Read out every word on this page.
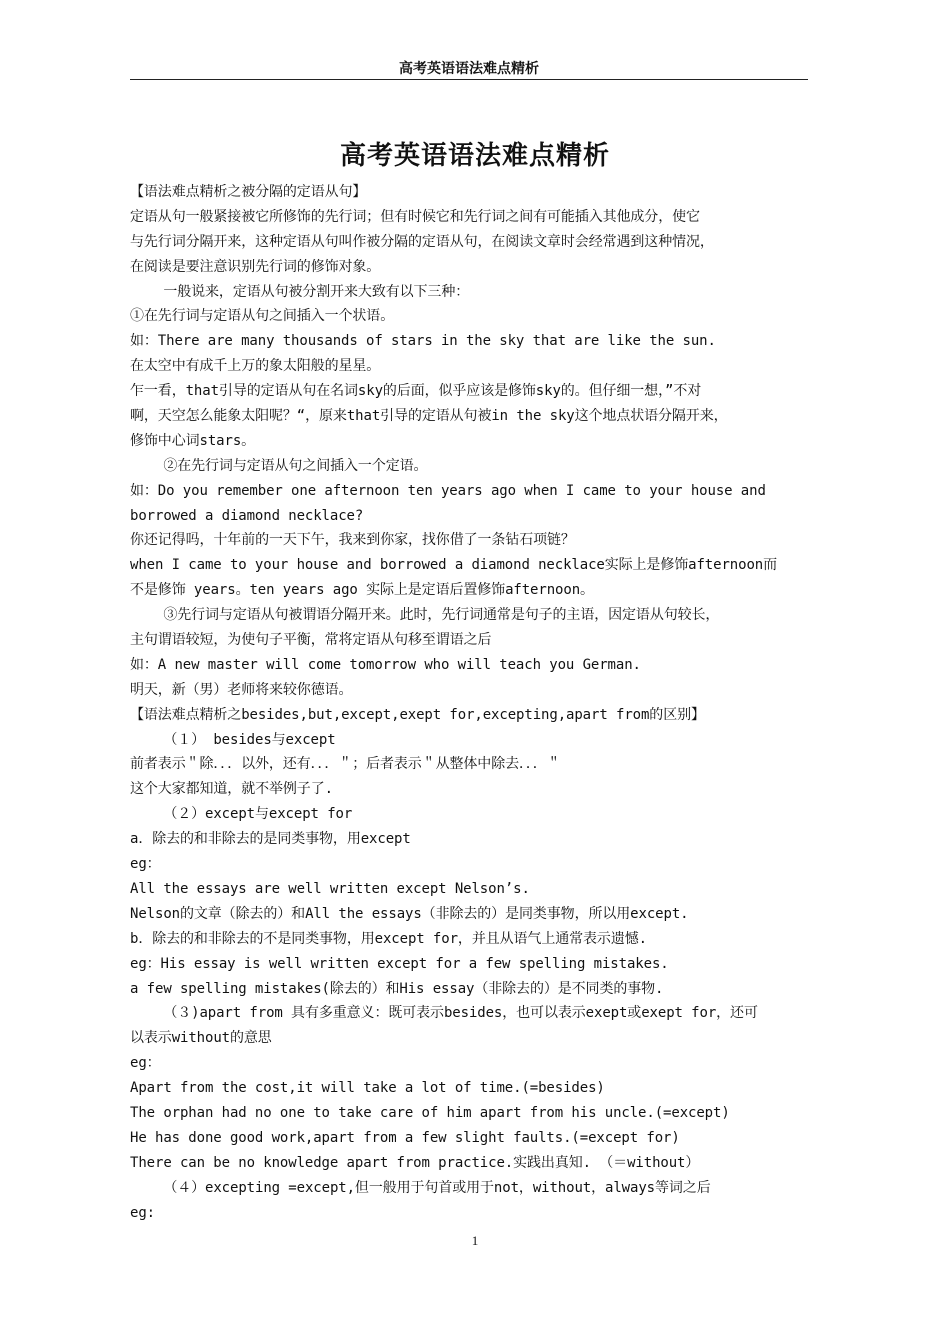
高考英语语法难点精析
高考英语语法难点精析
【语法难点精析之被分隔的定语从句】
定语从句一般紧接被它所修饰的先行词；但有时候它和先行词之间有可能插入其他成分，使它
与先行词分隔开来，这种定语从句叫作被分隔的定语从句，在阅读文章时会经常遇到这种情况，
在阅读是要注意识别先行词的修饰对象。
一般说来，定语从句被分割开来大致有以下三种：
①在先行词与定语从句之间插入一个状语。
如：There are many thousands of stars in the sky that are like the sun.
在太空中有成千上万的象太阳般的星星。
乍一看，that引导的定语从句在名词sky的后面，似乎应该是修饰sky的。但仔细一想，”不对
啊，天空怎么能象太阳呢？“，原来that引导的定语从句被in the sky这个地点状语分隔开来，
修饰中心词stars。
②在先行词与定语从句之间插入一个定语。
如：Do you remember one afternoon ten years ago when I came to your house and
borrowed a diamond necklace?
你还记得吗，十年前的一天下午，我来到你家，找你借了一条钻石项链？
when I came to your house and borrowed a diamond necklace实际上是修饰afternoon而
不是修饰 years。ten years ago 实际上是定语后置修饰afternoon。
③先行词与定语从句被谓语分隔开来。此时，先行词通常是句子的主语，因定语从句较长，
主句谓语较短，为使句子平衡，常将定语从句移至谓语之后
如：A new master will come tomorrow who will teach you German.
明天，新（男）老师将来较你德语。
【语法难点精析之besides,but,except,exept for,excepting,apart from的区别】
（１） besides与except
前者表示＂除．．．以外，还有．．．＂；后者表示＂从整体中除去．．．＂
这个大家都知道，就不举例子了.
（２）except与except for
a．除去的和非除去的是同类事物，用except
eg：
All the essays are well written except Nelson’s.
Nelson的文章（除去的）和All the essays（非除去的）是同类事物，所以用except.
b．除去的和非除去的不是同类事物，用except for，并且从语气上通常表示遗憾.
eg：His essay is well written except for a few spelling mistakes.
a few spelling mistakes(除去的）和His essay（非除去的）是不同类的事物.
（３)apart from 具有多重意义：既可表示besides，也可以表示exept或exept for，还可
以表示without的意思
eg：
Apart from the cost,it will take a lot of time.(=besides)
The orphan had no one to take care of him apart from his uncle.(=except)
He has done good work,apart from a few slight faults.(=except for)
There can be no knowledge apart from practice.实践出真知. （＝without）
（４）excepting =except,但一般用于句首或用于not，without，always等词之后
eg:
1
